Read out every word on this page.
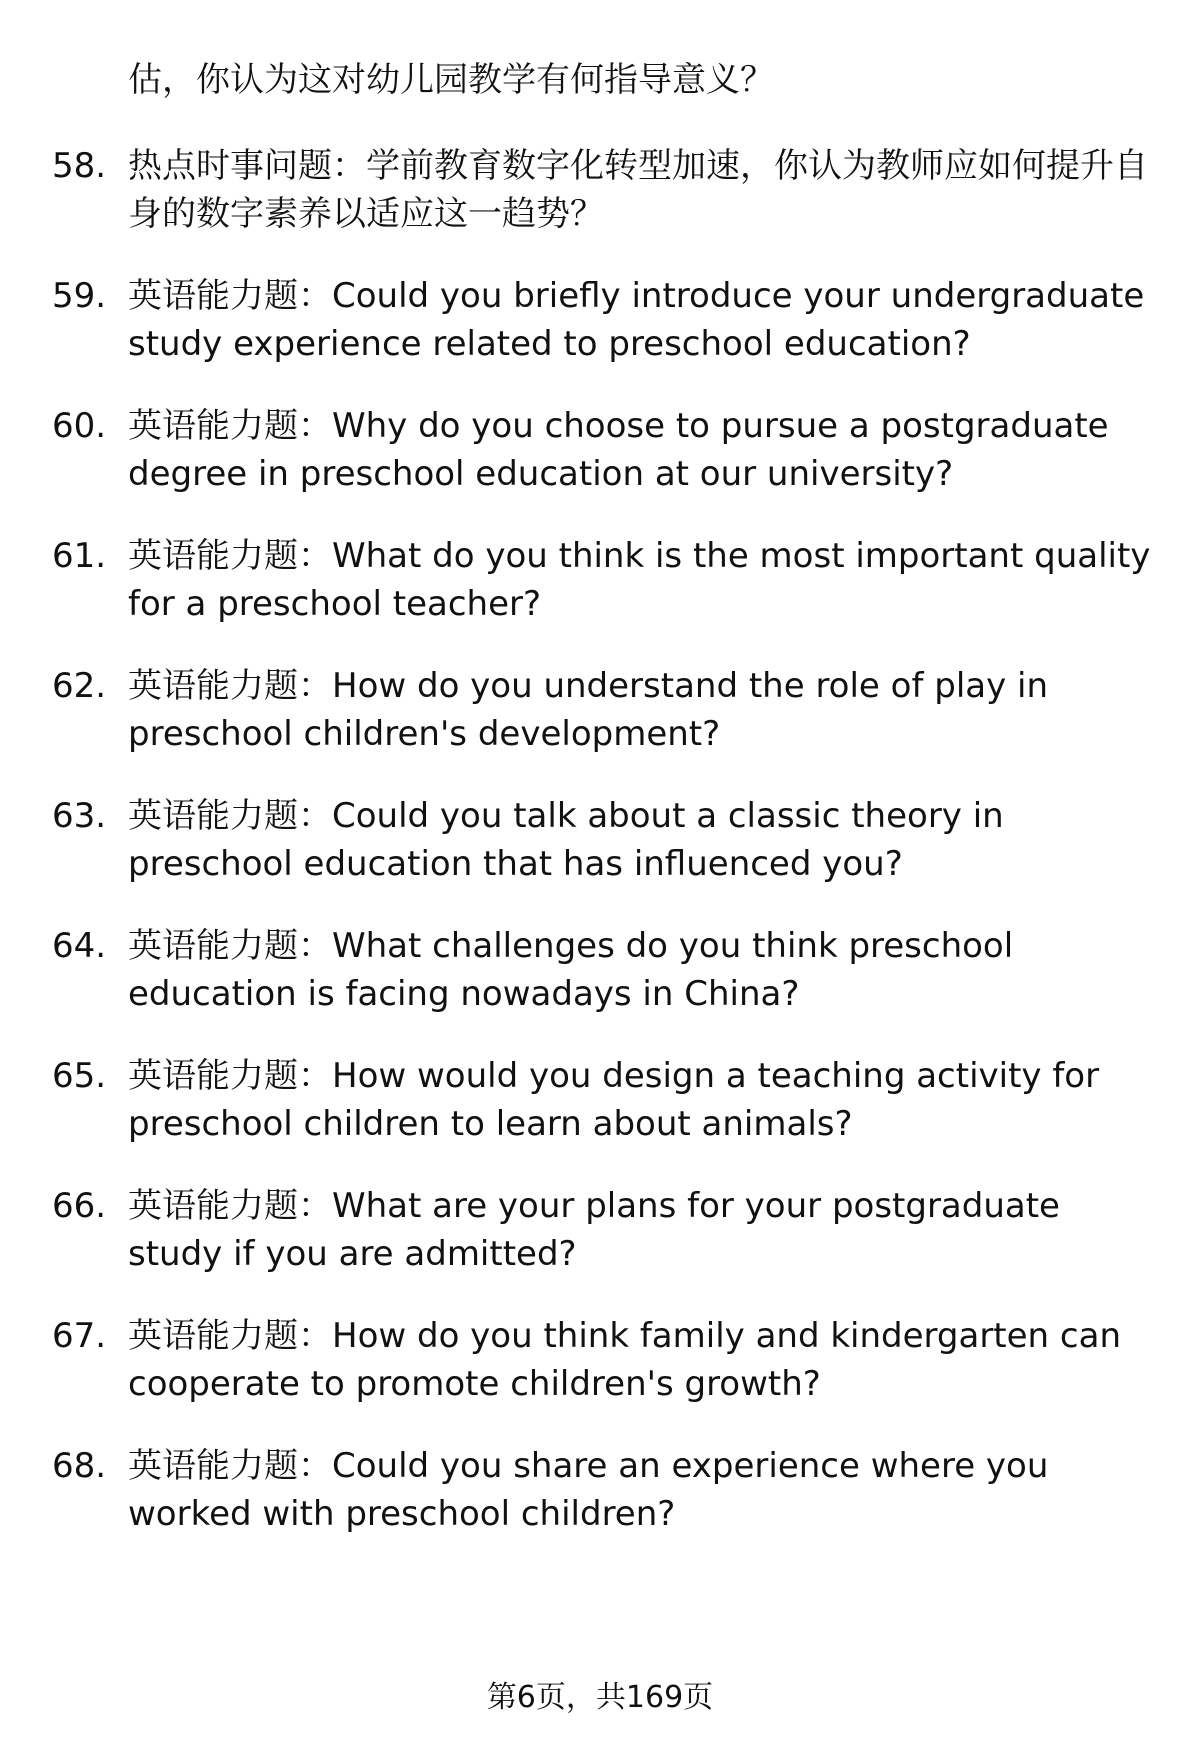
估，你认为这对幼儿园教学有何指导意义？
58. 热点时事问题：学前教育数字化转型加速，你认为教师应如何提升自身的数字素养以适应这一趋势？
59. 英语能力题：Could you briefly introduce your undergraduate study experience related to preschool education?
60. 英语能力题：Why do you choose to pursue a postgraduate degree in preschool education at our university?
61. 英语能力题：What do you think is the most important quality for a preschool teacher?
62. 英语能力题：How do you understand the role of play in preschool children's development?
63. 英语能力题：Could you talk about a classic theory in preschool education that has influenced you?
64. 英语能力题：What challenges do you think preschool education is facing nowadays in China?
65. 英语能力题：How would you design a teaching activity for preschool children to learn about animals?
66. 英语能力题：What are your plans for your postgraduate study if you are admitted?
67. 英语能力题：How do you think family and kindergarten can cooperate to promote children's growth?
68. 英语能力题：Could you share an experience where you worked with preschool children?
第6页，共169页
